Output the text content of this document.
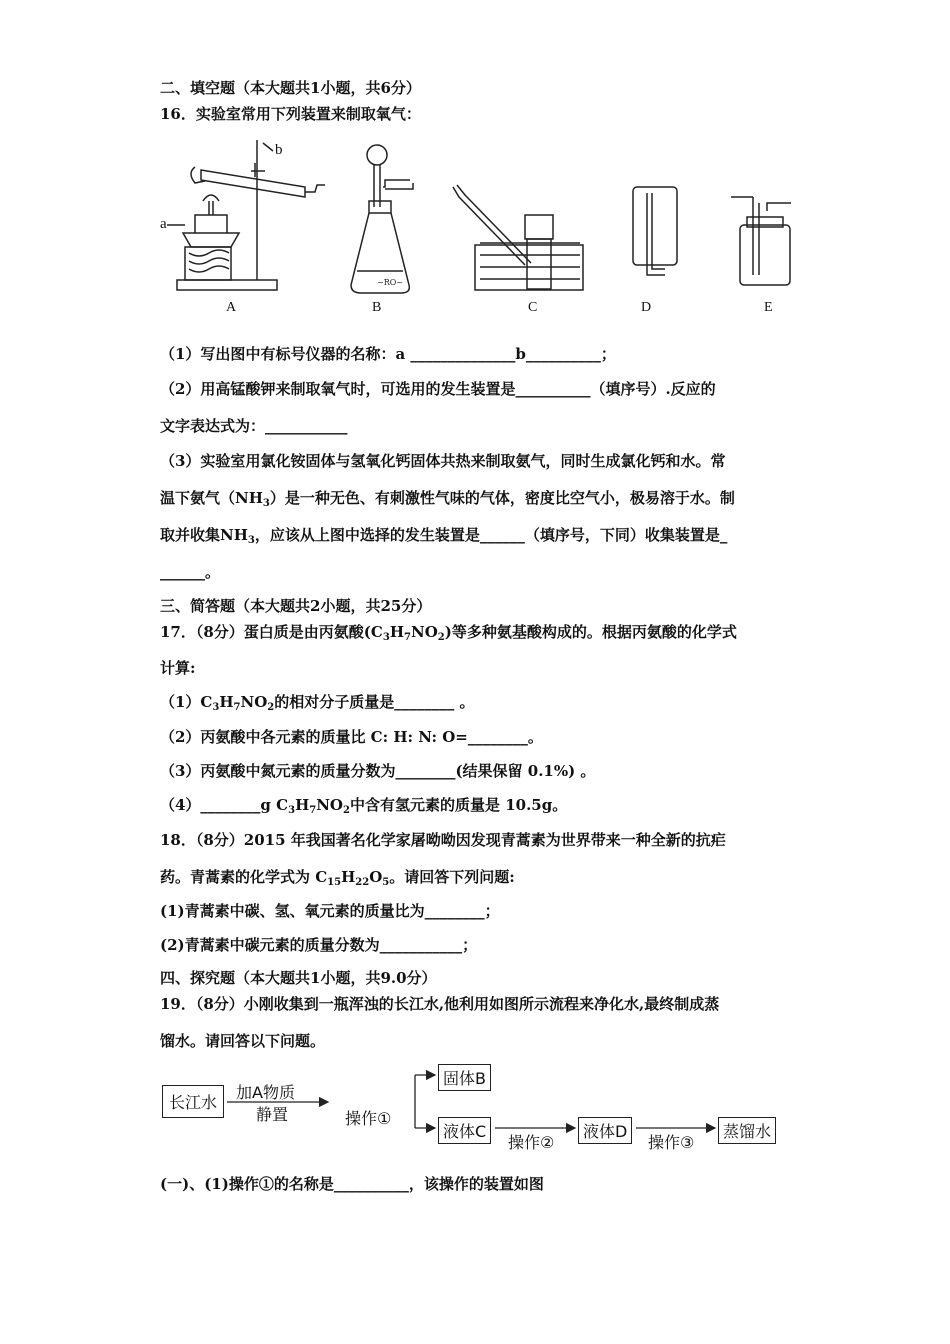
二、填空题（本大题共1小题，共6分）
16．实验室常用下列装置来制取氧气：
~RO~
a
b
A	B	C	D	E
（1）写出图中有标号仪器的名称：a ______________b__________；
（2）用高锰酸钾来制取氧气时，可选用的发生装置是__________（填序号）.反应的
文字表达式为：___________
（3）实验室用氯化铵固体与氢氧化钙固体共热来制取氨气，同时生成氯化钙和水。常
温下氨气$(NH_3)$是一种无色、有刺激性气味的气体，密度比空气小，极易溶于水。制
取并收集$NH_3$，应该从上图中选择的发生装置是______（填序号，下同）收集装置是_
______。
三、简答题（本大题共2小题，共25分）
17．（8分）蛋白质是由丙氨酸$(C_3H_7NO_2)$等多种氨基酸构成的。根据丙氨酸的化学式
计算:
$(1)C_3H_7NO_2$的相对分子质量是________ 。
（2）丙氨酸中各元素的质量比 C: H: N: O=________。
（3）丙氨酸中氮元素的质量分数为________(结果保留 0.1%) 。
（4）________g $C_3H_7NO_2$中含有氢元素的质量是 10.5g。
18．（8分）2015 年我国著名化学家屠呦呦因发现青蒿素为世界带来一种全新的抗疟
药。青蒿素的化学式为 $C_{15}H_{22}O_5$。请回答下列问题:
(1)青蒿素中碳、氢、氧元素的质量比为________；
(2)青蒿素中碳元素的质量分数为___________；
四、探究题（本大题共1小题，共9.0分）
19．（8分）小刚收集到一瓶浑浊的长江水,他利用如图所示流程来净化水,最终制成蒸
馏水。请回答以下问题。
长江水
加A物质
静置	操作①
固体B
液体C
操作②
液体D
操作③
蒸馏水
(一)、(1)操作①的名称是__________，该操作的装置如图
